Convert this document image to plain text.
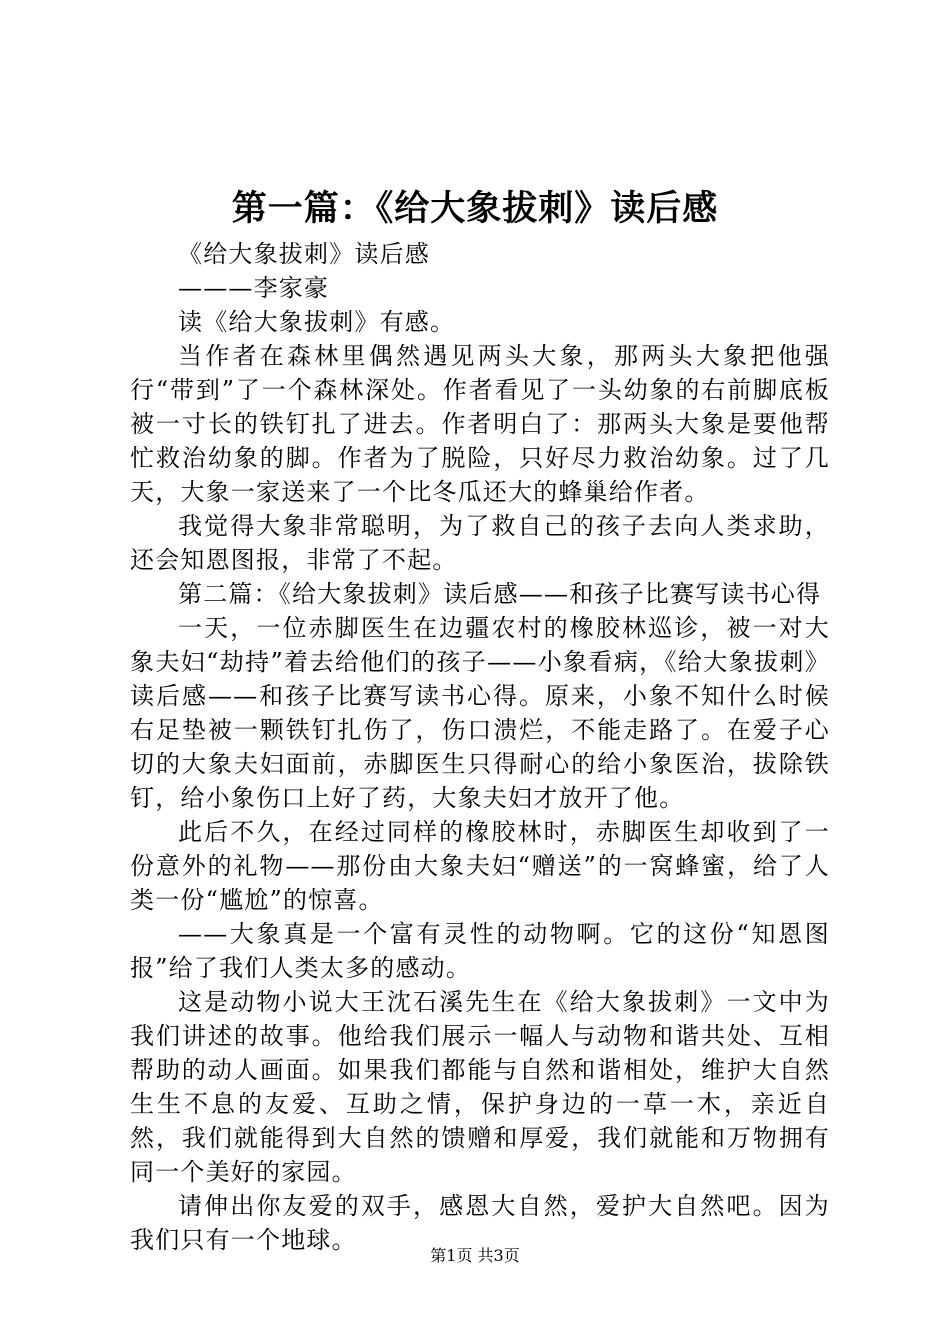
第一篇：《给大象拔刺》读后感

《给大象拔刺》读后感

———李家豪

读《给大象拔刺》有感。

当作者在森林里偶然遇见两头大象，那两头大象把他强行“带到”了一个森林深处。作者看见了一头幼象的右前脚底板被一寸长的铁钉扎了进去。作者明白了：那两头大象是要他帮忙救治幼象的脚。作者为了脱险，只好尽力救治幼象。过了几天，大象一家送来了一个比冬瓜还大的蜂巢给作者。

我觉得大象非常聪明，为了救自己的孩子去向人类求助，还会知恩图报，非常了不起。

第二篇：《给大象拔刺》读后感——和孩子比赛写读书心得

一天，一位赤脚医生在边疆农村的橡胶林巡诊，被一对大象夫妇“劫持”着去给他们的孩子——小象看病，《给大象拔刺》读后感——和孩子比赛写读书心得。原来，小象不知什么时候右足垫被一颗铁钉扎伤了，伤口溃烂，不能走路了。在爱子心切的大象夫妇面前，赤脚医生只得耐心的给小象医治，拔除铁钉，给小象伤口上好了药，大象夫妇才放开了他。

此后不久，在经过同样的橡胶林时，赤脚医生却收到了一份意外的礼物——那份由大象夫妇“赠送”的一窝蜂蜜，给了人类一份“尴尬”的惊喜。

——大象真是一个富有灵性的动物啊。它的这份“知恩图报”给了我们人类太多的感动。

这是动物小说大王沈石溪先生在《给大象拔刺》一文中为我们讲述的故事。他给我们展示一幅人与动物和谐共处、互相帮助的动人画面。如果我们都能与自然和谐相处，维护大自然生生不息的友爱、互助之情，保护身边的一草一木，亲近自然，我们就能得到大自然的馈赠和厚爱，我们就能和万物拥有同一个美好的家园。

请伸出你友爱的双手，感恩大自然，爱护大自然吧。因为我们只有一个地球。

第1页 共3页
